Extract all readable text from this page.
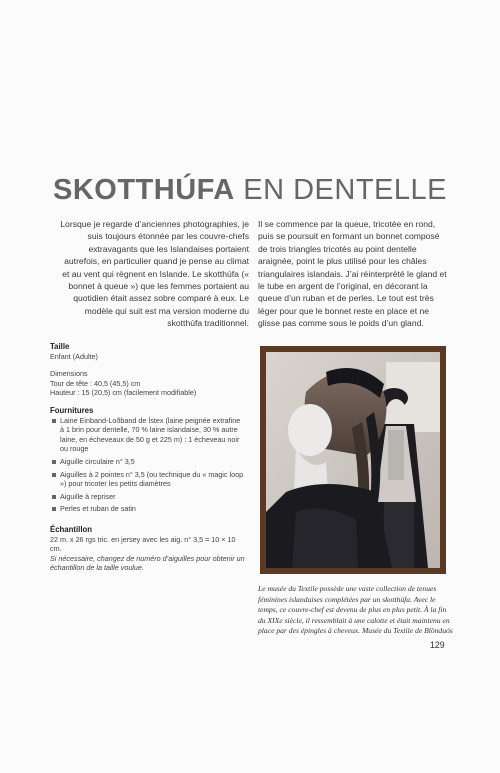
SKOTTHÚFA EN DENTELLE

Lorsque je regarde d’anciennes photographies, je suis toujours étonnée par les couvre-chefs extravagants que les Islandaises portaient autrefois, en particulier quand je pense au climat et au vent qui règnent en Islande. Le skotthúfa (« bonnet à queue ») que les femmes portaient au quotidien était assez sobre comparé à eux. Le modèle qui suit est ma version moderne du skotthúfa traditionnel.

Il se commence par la queue, tricotée en rond, puis se poursuit en formant un bonnet composé de trois triangles tricotés au point dentelle araignée, point le plus utilisé pour les châles triangulaires islandais. J’ai réinterprété le gland et le tube en argent de l’original, en décorant la queue d’un ruban et de perles. Le tout est très léger pour que le bonnet reste en place et ne glisse pas comme sous le poids d’un gland.

Taille

Enfant (Adulte)

Dimensions

Tour de tête : 40,5 (45,5) cm

Hauteur : 15 (20,5) cm (facilement modifiable)

Fournitures
Laine Einband-Loðband de Ístex (laine peignée extrafine à 1 brin pour dentelle, 70 % laine islandaise, 30 % autre laine, en écheveaux de 50 g et 225 m) : 1 écheveau noir ou rouge
Aiguille circulaire n° 3,5
Aiguilles à 2 pointes n° 3,5 (ou technique du « magic loop ») pour tricoter les petits diamètres
Aiguille à repriser
Perles et ruban de satin
Échantillon

22 m. x 26 rgs tric. en jersey avec les aig. n° 3,5 = 10 × 10 cm.

Si nécessaire, changez de numéro d’aiguilles pour obtenir un échantillon de la taille voulue.

Le musée du Textile possède une vaste collection de tenues féminines islandaises complétées par un skotthúfa. Avec le temps, ce couvre-chef est devenu de plus en plus petit. À la fin du XIXe siècle, il ressemblait à une calotte et était maintenu en place par des épingles à cheveux. Musée du Textile de Blönduós

129
